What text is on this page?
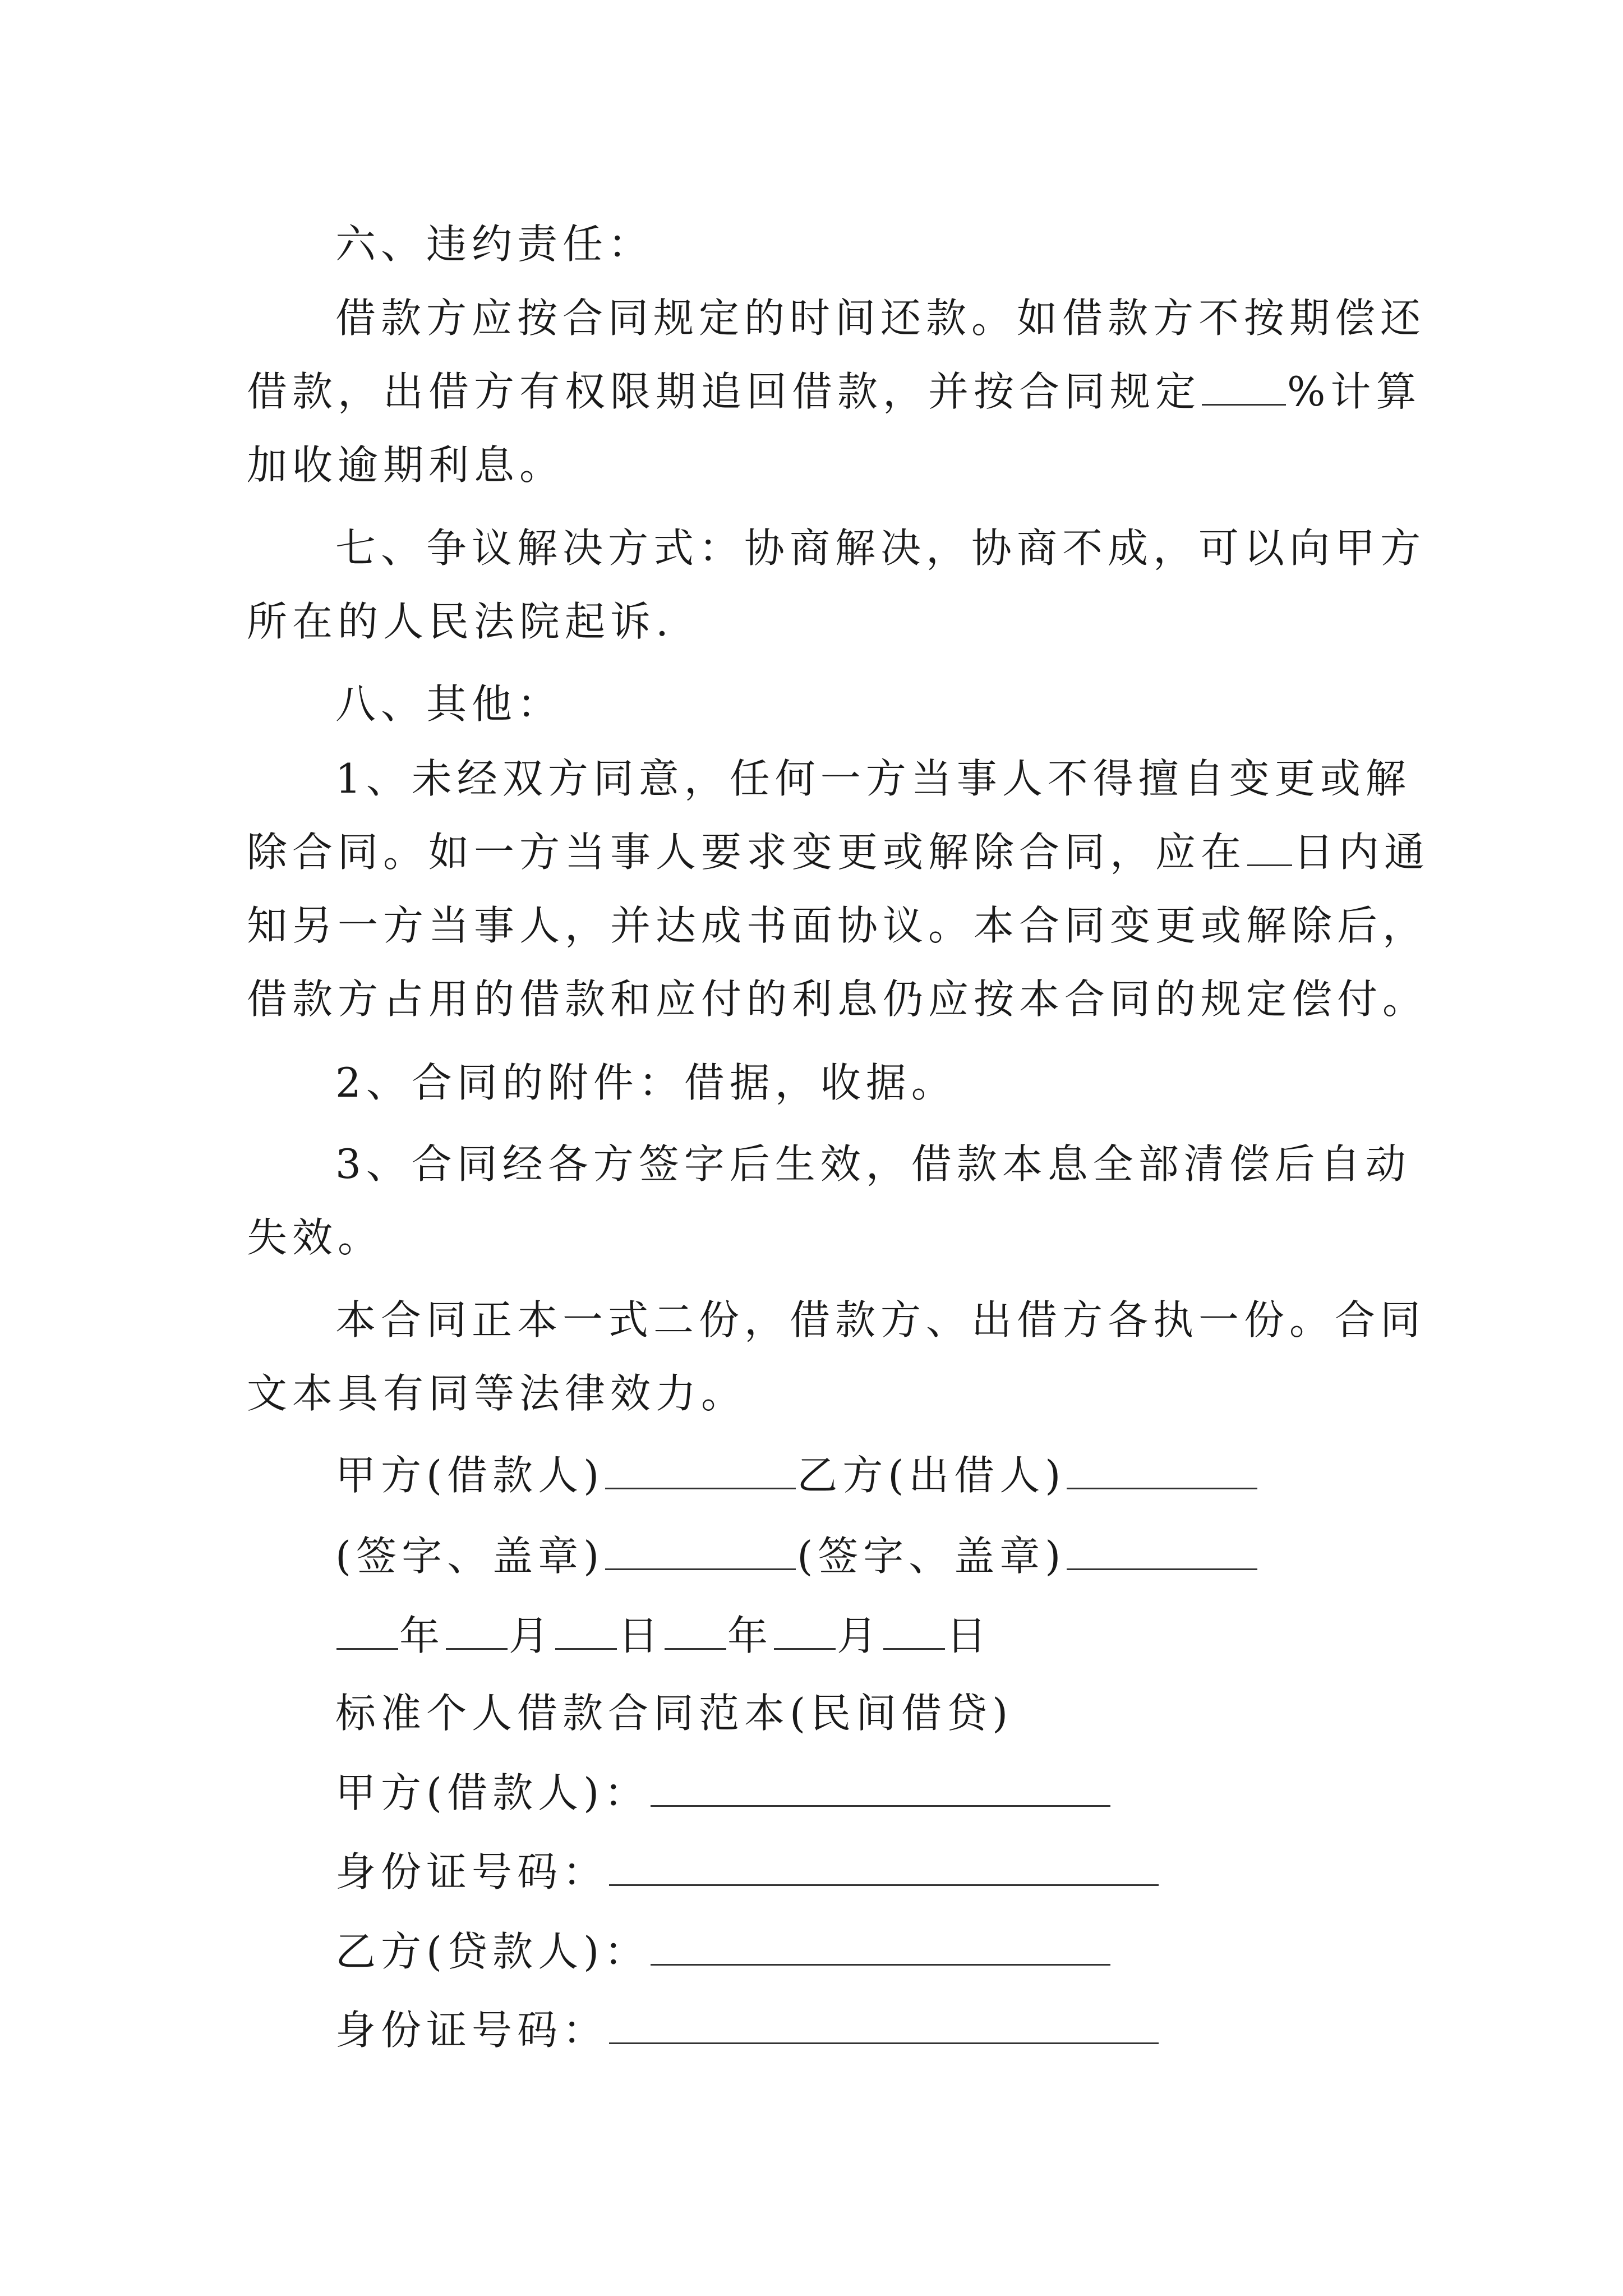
六、违约责任：
借款方应按合同规定的时间还款。如借款方不按期偿还
借款，出借方有权限期追回借款，并按合同规定 %计算
加收逾期利息。
七、争议解决方式：协商解决，协商不成，可以向甲方
所在的人民法院起诉.
八、其他：
1、未经双方同意，任何一方当事人不得擅自变更或解
除合同。如一方当事人要求变更或解除合同，应在 日内通
知另一方当事人，并达成书面协议。本合同变更或解除后，
借款方占用的借款和应付的利息仍应按本合同的规定偿付。
2、合同的附件：借据，收据。
3、合同经各方签字后生效，借款本息全部清偿后自动
失效。
本合同正本一式二份，借款方、出借方各执一份。合同
文本具有同等法律效力。
甲方(借款人)	乙方(出借人)
(签字、盖章)	(签字、盖章)
年 月 日 年 月 日
标准个人借款合同范本(民间借贷)
甲方(借款人)：
身份证号码：
乙方(贷款人)：
身份证号码：
